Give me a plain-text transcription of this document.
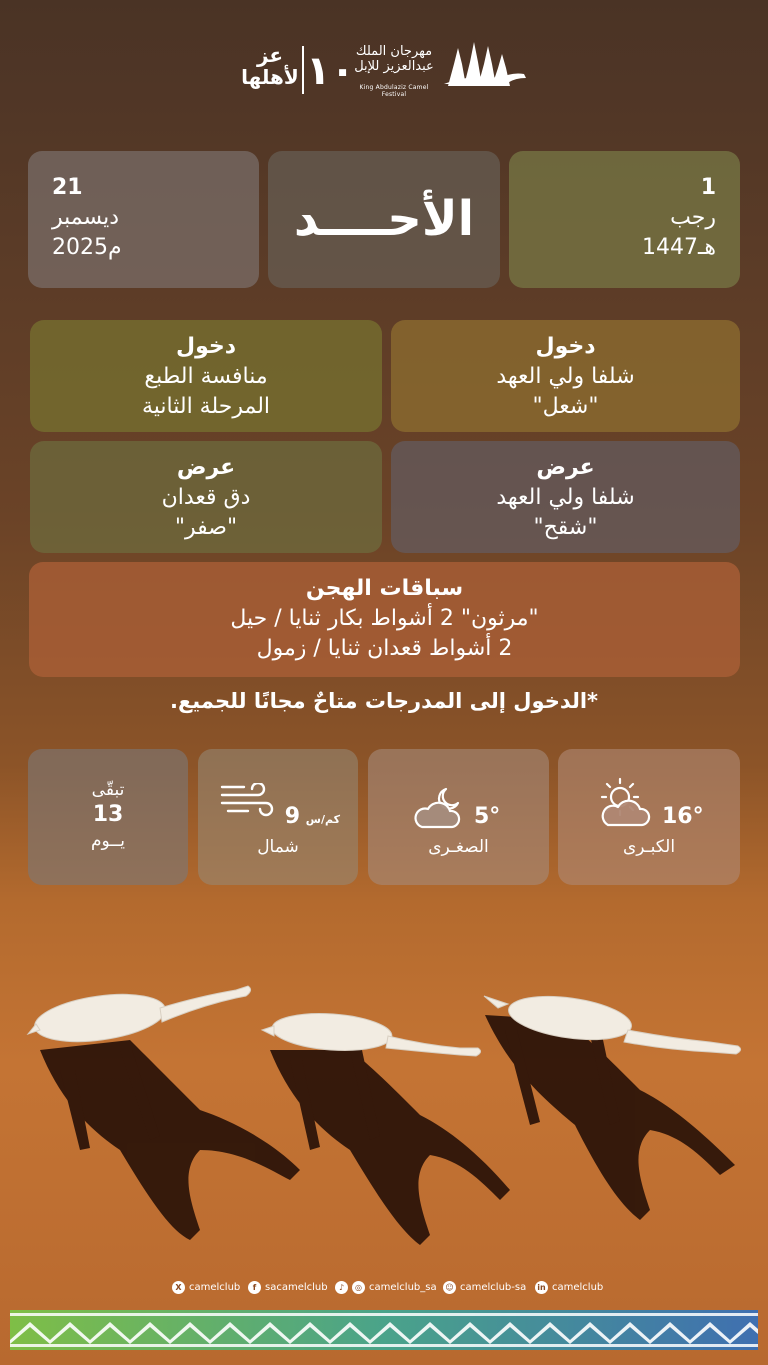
مهرجان الملك عبدالعزيز للإبل
King Abdulaziz Camel Festival
١٠
عز لأهلها
21
ديسمبر
2025م
الأحــــد
1
رجب
1447هـ
دخول
منافسة الطبع
المرحلة الثانية
دخول
شلفا ولي العهد
"شعل"
عرض
دق قعدان
"صفر"
عرض
شلفا ولي العهد
"شقح"
سباقات الهجن
"مرثون" 2 أشواط بكار ثنايا / حيل
2 أشواط قعدان ثنايا / زمول
*الدخول إلى المدرجات متاحٌ مجانًا للجميع.
تبقّى
13
يــوم
9 كم/س
شمال
5°
الصغـرى
16°
الكبـرى
X camelclub	f sacamelclub	♪ ◎ camelclub_sa ☺ camelclub-sa in camelclub
